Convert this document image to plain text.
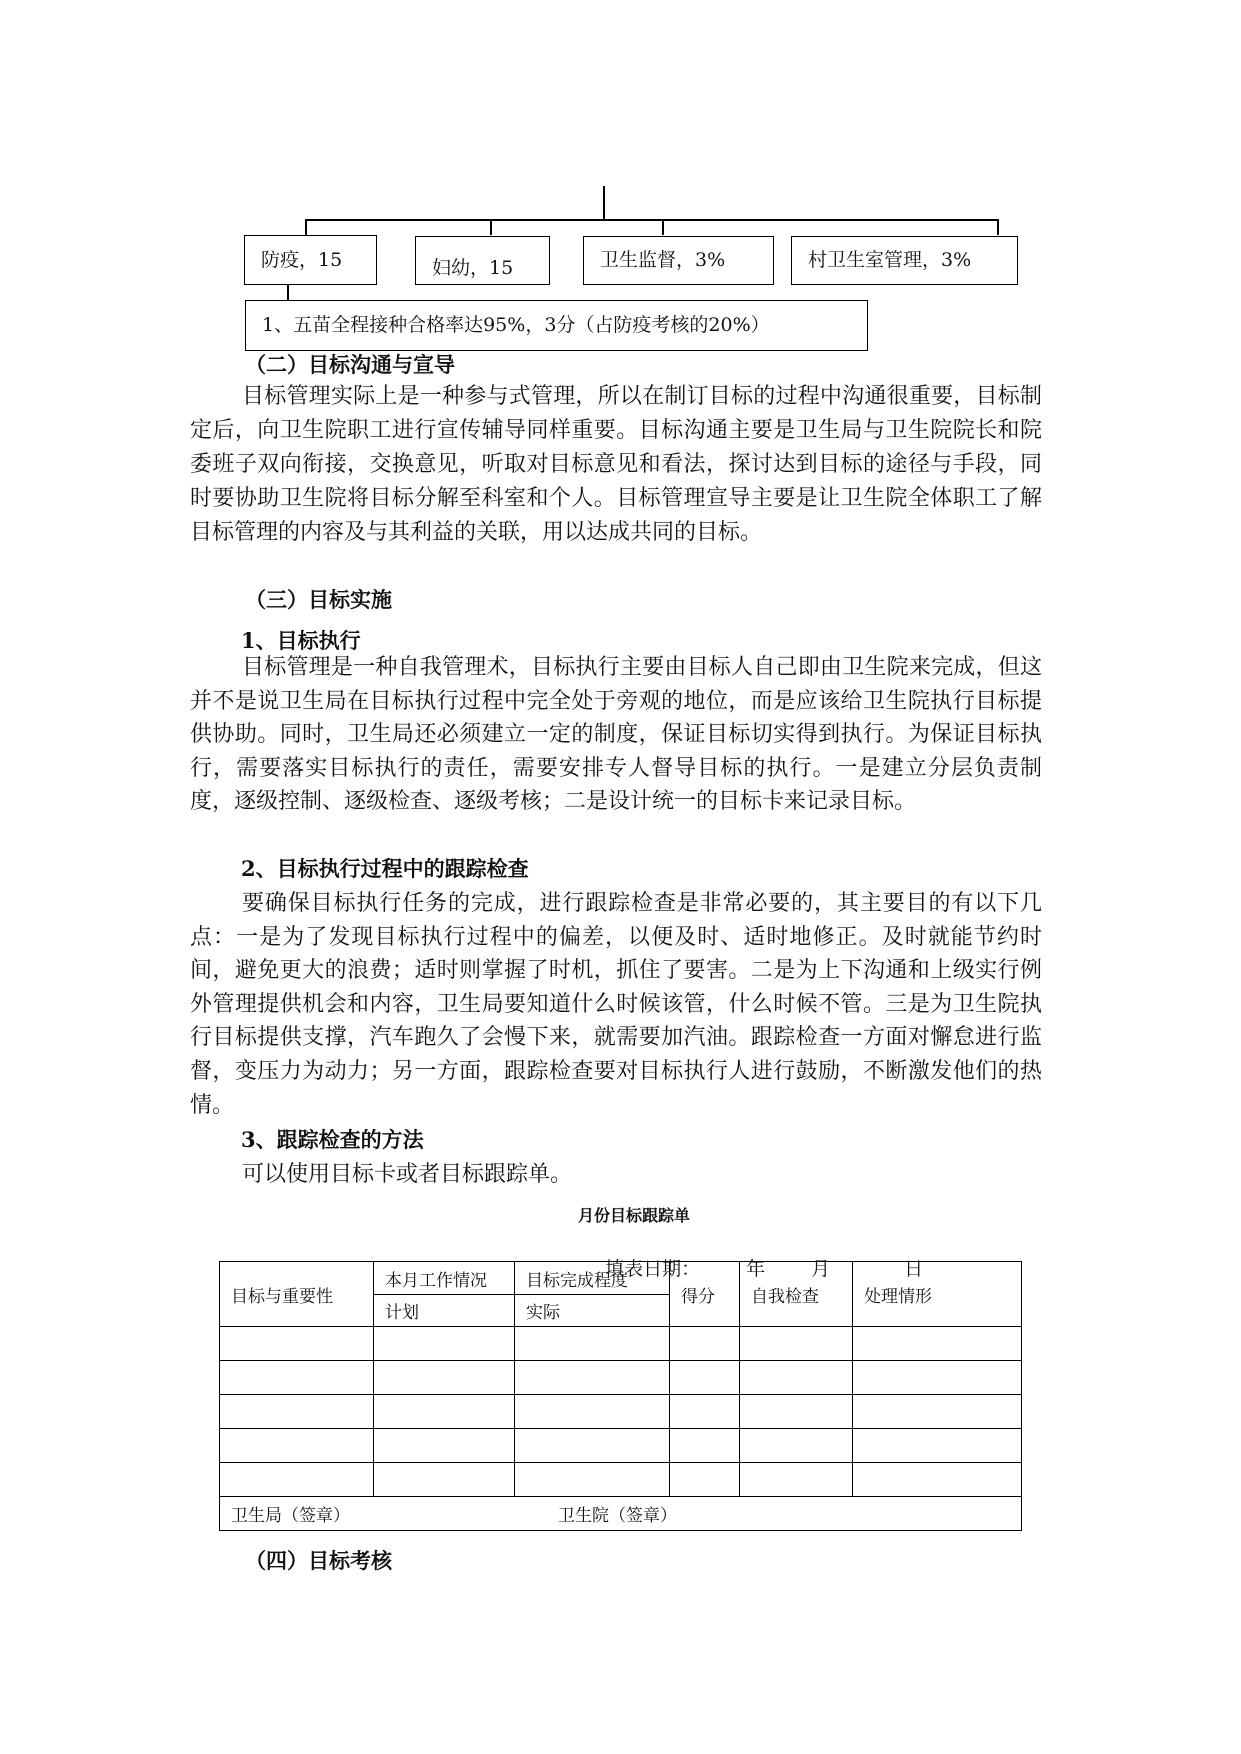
防疫，15	妇幼，15	卫生监督，3%	村卫生室管理，3%
1、五苗全程接种合格率达95%，3分（占防疫考核的20%）
（二）目标沟通与宣导
目标管理实际上是一种参与式管理，所以在制订目标的过程中沟通很重要，目标制定后，向卫生院职工进行宣传辅导同样重要。目标沟通主要是卫生局与卫生院院长和院委班子双向衔接，交换意见，听取对目标意见和看法，探讨达到目标的途径与手段，同时要协助卫生院将目标分解至科室和个人。目标管理宣导主要是让卫生院全体职工了解目标管理的内容及与其利益的关联，用以达成共同的目标。
（三）目标实施
1、目标执行
目标管理是一种自我管理术，目标执行主要由目标人自己即由卫生院来完成，但这并不是说卫生局在目标执行过程中完全处于旁观的地位，而是应该给卫生院执行目标提供协助。同时，卫生局还必须建立一定的制度，保证目标切实得到执行。为保证目标执行，需要落实目标执行的责任，需要安排专人督导目标的执行。一是建立分层负责制度，逐级控制、逐级检查、逐级考核；二是设计统一的目标卡来记录目标。
2、目标执行过程中的跟踪检查
要确保目标执行任务的完成，进行跟踪检查是非常必要的，其主要目的有以下几点：一是为了发现目标执行过程中的偏差，以便及时、适时地修正。及时就能节约时间，避免更大的浪费；适时则掌握了时机，抓住了要害。二是为上下沟通和上级实行例外管理提供机会和内容，卫生局要知道什么时候该管，什么时候不管。三是为卫生院执行目标提供支撑，汽车跑久了会慢下来，就需要加汽油。跟踪检查一方面对懈怠进行监督，变压力为动力；另一方面，跟踪检查要对目标执行人进行鼓励，不断激发他们的热情。
3、跟踪检查的方法
可以使用目标卡或者目标跟踪单。
月份目标跟踪单

填表日期： 年 月	日

目标与重要性	本月工作情况	目标完成程度	得分	自我检查	处理情形
	计划	实际			

卫生局（签章） 卫生院（签章）					
（四）目标考核
